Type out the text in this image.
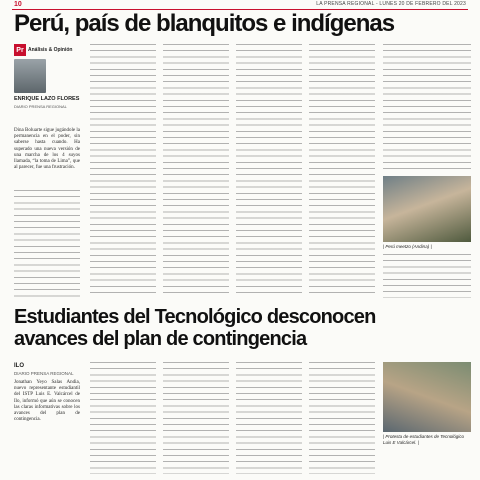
10	LA PRENSA REGIONAL - LUNES 20 DE FEBRERO DEL 2023
Perú, país de blanquitos e indígenas
Pr Análisis & Opinión
ENRIQUE LAZO FLORES
DIARIO PRENSA REGIONAL
Dina Boluarte sigue jugándole la permanencia en el poder, sin saberse hasta cuando. Ha superado una nueva versión de una marcha de los 4 suyos llamada, “la toma de Lima”, que al parecer, fue una frustración.
| Perú meetzo (Andina) |
Estudiantes del Tecnológico desconocen avances del plan de contingencia
ILO
DIARIO PRENSA REGIONAL
Jonathan Yeyo Salas Andia, nuevo representante estudiantil del ISTP Luis E. Valcárcel de Ilo, informó que aún se conocen las claras informativas sobre los avances del plan de contingencia.
| Protesta de estudiantes de Tecnológico Luis E Valcárcel. |
